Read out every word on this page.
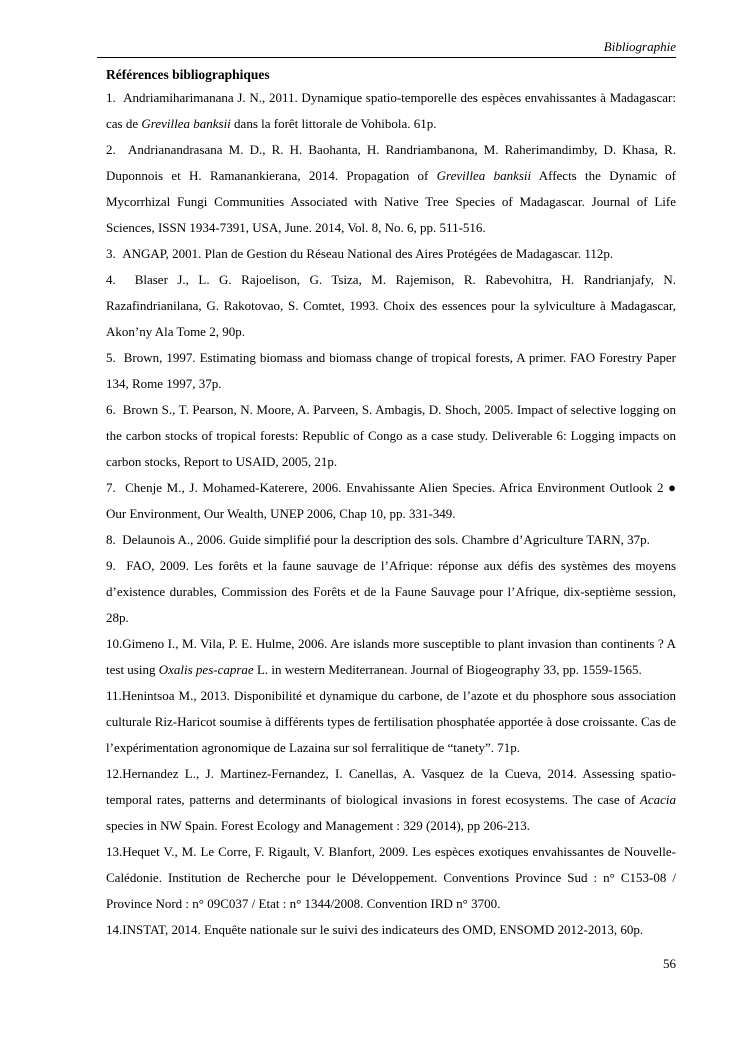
Bibliographie
Références bibliographiques

1.  Andriamiharimanana J. N., 2011. Dynamique spatio-temporelle des espèces envahissantes à Madagascar: cas de Grevillea banksii dans la forêt littorale de Vohibola. 61p.

2.  Andrianandrasana M. D., R. H. Baohanta, H. Randriambanona, M. Raherimandimby, D. Khasa, R. Duponnois et H. Ramanankierana, 2014. Propagation of Grevillea banksii Affects the Dynamic of Mycorrhizal Fungi Communities Associated with Native Tree Species of Madagascar. Journal of Life Sciences, ISSN 1934-7391, USA, June. 2014, Vol. 8, No. 6, pp. 511-516.

3.  ANGAP, 2001. Plan de Gestion du Réseau National des Aires Protégées de Madagascar. 112p.

4.  Blaser J., L. G. Rajoelison, G. Tsiza, M. Rajemison, R. Rabevohitra, H. Randrianjafy, N. Razafindrianilana, G. Rakotovao, S. Comtet, 1993. Choix des essences pour la sylviculture à Madagascar, Akon’ny Ala Tome 2, 90p.

5.  Brown, 1997. Estimating biomass and biomass change of tropical forests, A primer. FAO Forestry Paper 134, Rome 1997, 37p.

6.  Brown S., T. Pearson, N. Moore, A. Parveen, S. Ambagis, D. Shoch, 2005. Impact of selective logging on the carbon stocks of tropical forests: Republic of Congo as a case study. Deliverable 6: Logging impacts on carbon stocks, Report to USAID, 2005, 21p.

7.  Chenje M., J. Mohamed-Katerere, 2006. Envahissante Alien Species. Africa Environment Outlook 2 ● Our Environment, Our Wealth, UNEP 2006, Chap 10, pp. 331-349.

8.  Delaunois A., 2006. Guide simplifié pour la description des sols. Chambre d’Agriculture TARN, 37p.

9.  FAO, 2009. Les forêts et la faune sauvage de l’Afrique: réponse aux défis des systèmes des moyens d’existence durables, Commission des Forêts et de la Faune Sauvage pour l’Afrique, dix-septième session, 28p.

10.Gimeno I., M. Vila, P. E. Hulme, 2006. Are islands more susceptible to plant invasion than continents ? A test using Oxalis pes-caprae L. in western Mediterranean. Journal of Biogeography 33, pp. 1559-1565.

11.Henintsoa M., 2013. Disponibilité et dynamique du carbone, de l’azote et du phosphore sous association culturale Riz-Haricot soumise à différents types de fertilisation phosphatée apportée à dose croissante. Cas de l’expérimentation agronomique de Lazaina sur sol ferralitique de “tanety”. 71p.

12.Hernandez L., J. Martinez-Fernandez, I. Canellas, A. Vasquez de la Cueva, 2014. Assessing spatio-temporal rates, patterns and determinants of biological invasions in forest ecosystems. The case of Acacia species in NW Spain. Forest Ecology and Management : 329 (2014), pp 206-213.

13.Hequet V., M. Le Corre, F. Rigault, V. Blanfort, 2009. Les espèces exotiques envahissantes de Nouvelle-Calédonie. Institution de Recherche pour le Développement. Conventions Province Sud : n° C153-08 / Province Nord : n° 09C037 / Etat : n° 1344/2008. Convention IRD n° 3700.

14.INSTAT, 2014. Enquête nationale sur le suivi des indicateurs des OMD, ENSOMD 2012-2013, 60p.

56
